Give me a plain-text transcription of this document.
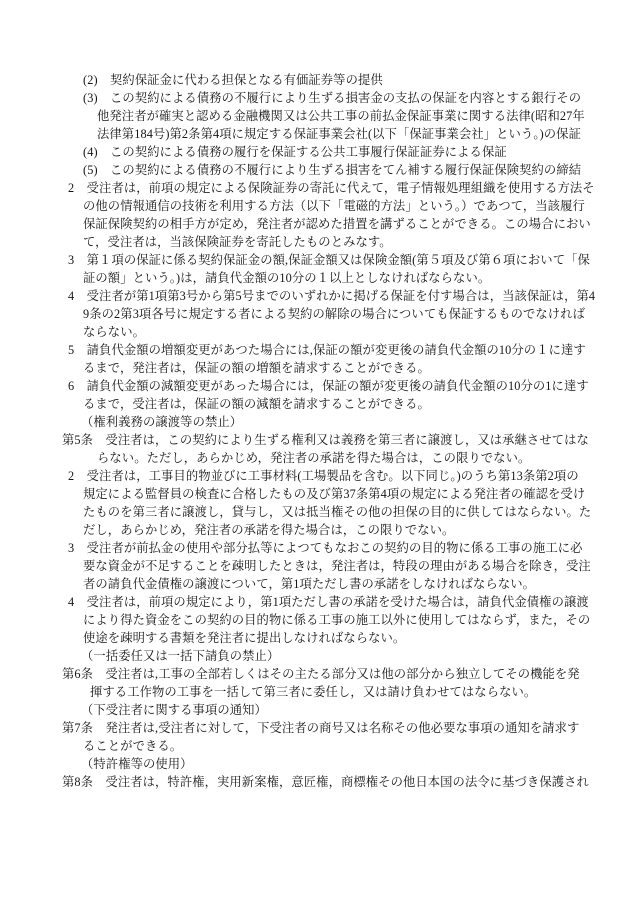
(2)　契約保証金に代わる担保となる有価証券等の提供
(3)　この契約による債務の不履行により生ずる損害金の支払の保証を内容とする銀行その
他発注者が確実と認める金融機関又は公共工事の前払金保証事業に関する法律(昭和27年
法律第184号)第2条第4項に規定する保証事業会社(以下「保証事業会社」という。)の保証
(4)　この契約による債務の履行を保証する公共工事履行保証証券による保証
(5)　この契約による債務の不履行により生ずる損害をてん補する履行保証保険契約の締結
2　受注者は，前項の規定による保険証券の寄託に代えて，電子情報処理組織を使用する方法そ
の他の情報通信の技術を利用する方法（以下「電磁的方法」という。）であつて，当該履行
保証保険契約の相手方が定め，発注者が認めた措置を講ずることができる。この場合におい
て，受注者は，当該保険証券を寄託したものとみなす。
3　第１項の保証に係る契約保証金の額,保証金額又は保険金額(第５項及び第６項において「保
証の額」という。)は，請負代金額の10分の１以上としなければならない。
4　受注者が第1項第3号から第5号までのいずれかに掲げる保証を付す場合は，当該保証は，第4
9条の2第3項各号に規定する者による契約の解除の場合についても保証するものでなければ
ならない。
5　請負代金額の増額変更があつた場合には,保証の額が変更後の請負代金額の10分の１に達す
るまで，発注者は，保証の額の増額を請求することができる。
6　請負代金額の減額変更があった場合には，保証の額が変更後の請負代金額の10分の1に達す
るまで，受注者は，保証の額の減額を請求することができる。
（権利義務の譲渡等の禁止）
第5条　受注者は，この契約により生ずる権利又は義務を第三者に譲渡し，又は承継させてはな
らない。ただし，あらかじめ，発注者の承諾を得た場合は，この限りでない。
2　受注者は，工事目的物並びに工事材料(工場製品を含む。以下同じ。)のうち第13条第2項の
規定による監督員の検査に合格したもの及び第37条第4項の規定による発注者の確認を受け
たものを第三者に譲渡し，貸与し，又は抵当権その他の担保の目的に供してはならない。た
だし，あらかじめ，発注者の承諾を得た場合は，この限りでない。
3　受注者が前払金の使用や部分払等によつてもなおこの契約の目的物に係る工事の施工に必
要な資金が不足することを疎明したときは，発注者は，特段の理由がある場合を除き，受注
者の請負代金債権の譲渡について，第1項ただし書の承諾をしなければならない。
4　受注者は，前項の規定により，第1項ただし書の承諾を受けた場合は，請負代金債権の譲渡
により得た資金をこの契約の目的物に係る工事の施工以外に使用してはならず，また，その
使途を疎明する書類を発注者に提出しなければならない。
（一括委任又は一括下請負の禁止）
第6条　受注者は,工事の全部若しくはその主たる部分又は他の部分から独立してその機能を発
揮する工作物の工事を一括して第三者に委任し，又は請け負わせてはならない。
（下受注者に関する事項の通知）
第7条　発注者は,受注者に対して，下受注者の商号又は名称その他必要な事項の通知を請求す
ることができる。
（特許権等の使用）
第8条　受注者は，特許権，実用新案権，意匠権，商標権その他日本国の法令に基づき保護され
